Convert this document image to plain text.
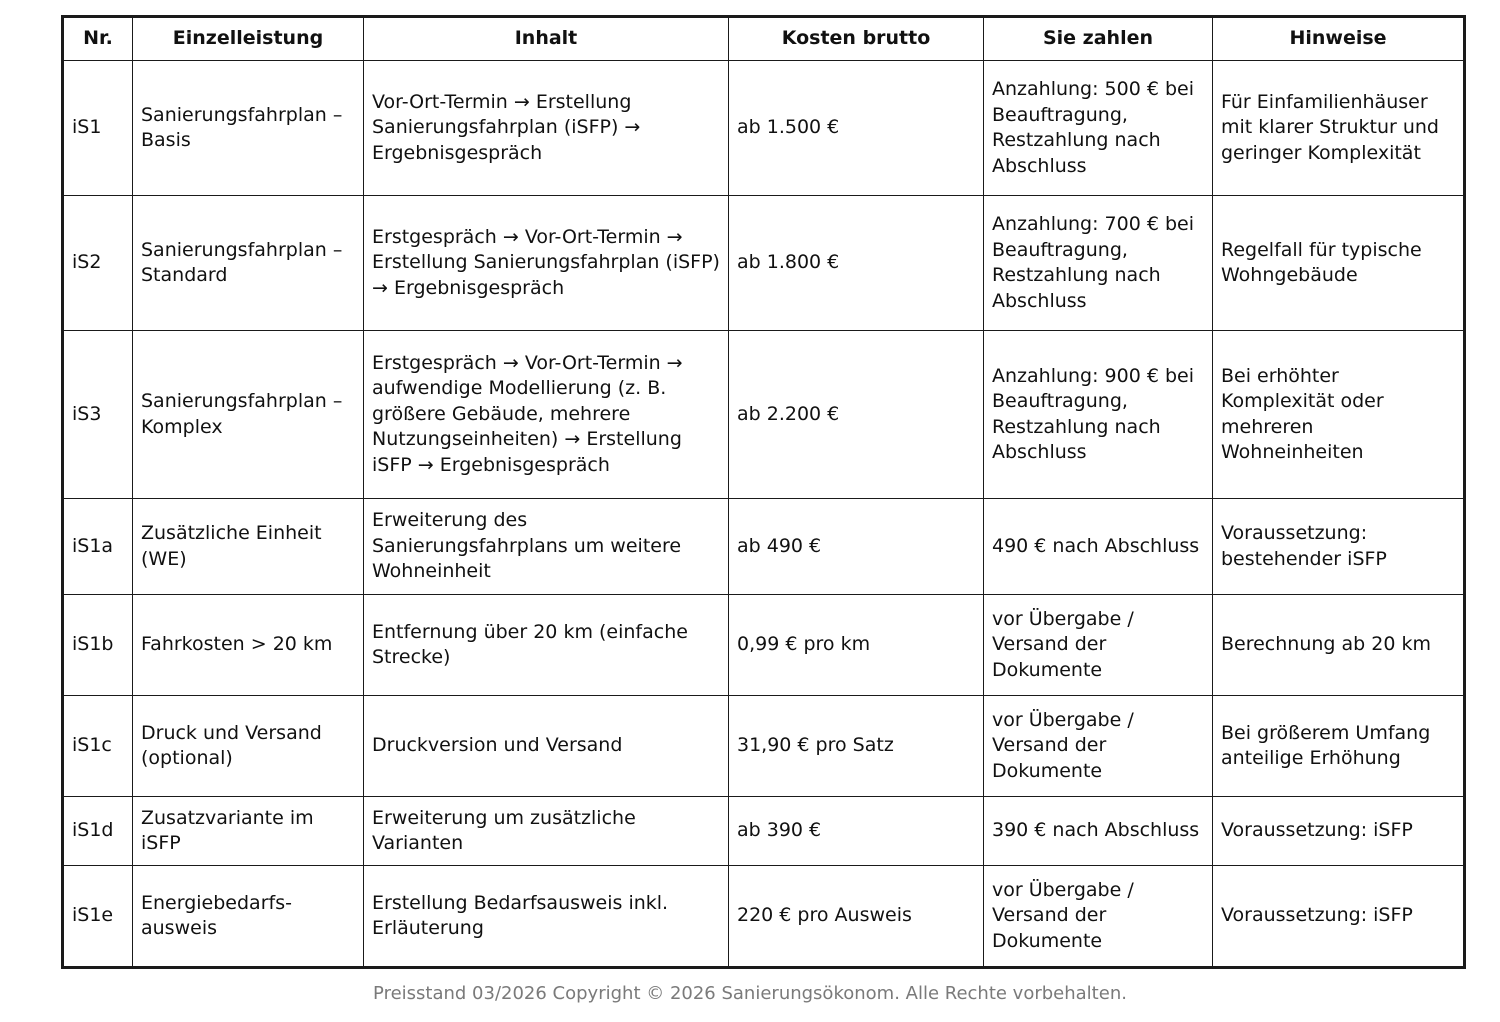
Nr.	Einzelleistung	Inhalt	Kosten brutto	Sie zahlen	Hinweise
iS1	Sanierungsfahrplan – Basis	Vor-Ort-Termin → Erstellung Sanierungsfahrplan (iSFP) → Ergebnisgespräch	ab 1.500 €	Anzahlung: 500 € bei Beauftragung, Restzahlung nach Abschluss	Für Einfamilienhäuser mit klarer Struktur und geringer Komplexität
iS2	Sanierungsfahrplan – Standard	Erstgespräch → Vor-Ort-Termin → Erstellung Sanierungsfahrplan (iSFP) → Ergebnisgespräch	ab 1.800 €	Anzahlung: 700 € bei Beauftragung, Restzahlung nach Abschluss	Regelfall für typische Wohngebäude
iS3	Sanierungsfahrplan – Komplex	Erstgespräch → Vor-Ort-Termin → aufwendige Modellierung (z. B. größere Gebäude, mehrere Nutzungseinheiten) → Erstellung iSFP → Ergebnisgespräch	ab 2.200 €	Anzahlung: 900 € bei Beauftragung, Restzahlung nach Abschluss	Bei erhöhter Komplexität oder mehreren Wohneinheiten
iS1a	Zusätzliche Einheit (WE)	Erweiterung des Sanierungsfahrplans um weitere Wohneinheit	ab 490 €	490 € nach Abschluss	Voraussetzung: bestehender iSFP
iS1b	Fahrkosten > 20 km	Entfernung über 20 km (einfache Strecke)	0,99 € pro km	vor Übergabe / Versand der Dokumente	Berechnung ab 20 km
iS1c	Druck und Versand (optional)	Druckversion und Versand	31,90 € pro Satz	vor Übergabe / Versand der Dokumente	Bei größerem Umfang anteilige Erhöhung
iS1d	Zusatzvariante im iSFP	Erweiterung um zusätzliche Varianten	ab 390 €	390 € nach Abschluss	Voraussetzung: iSFP
iS1e	Energiebedarfs-ausweis	Erstellung Bedarfsausweis inkl. Erläuterung	220 € pro Ausweis	vor Übergabe / Versand der Dokumente	Voraussetzung: iSFP
Preisstand 03/2026 Copyright © 2026 Sanierungsökonom. Alle Rechte vorbehalten.
